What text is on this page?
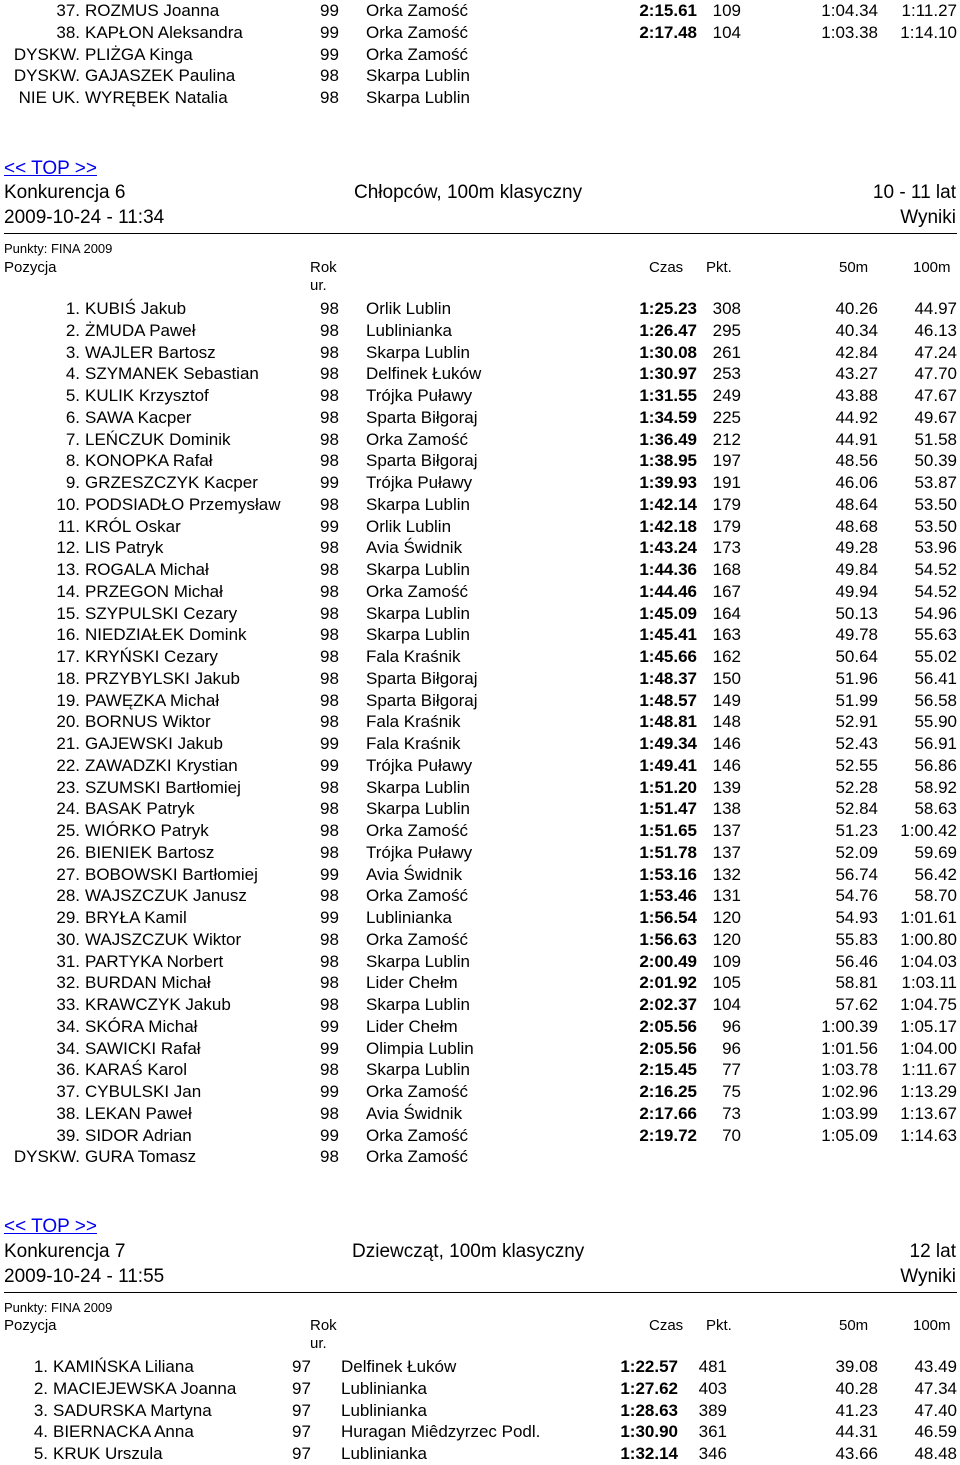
37. ROZMUS Joanna	99 Orka Zamość	2:15.61 109	1:04.34 1:11.27
38. KAPŁON Aleksandra	99 Orka Zamość	2:17.48 104	1:03.38 1:14.10
DYSKW. PLIŻGA Kinga	99 Orka Zamość
DYSKW. GAJASZEK Paulina	98 Skarpa Lublin
NIE UK. WYRĘBEK Natalia	98 Skarpa Lublin
<< TOP >>
Konkurencja 6	Chłopców, 100m klasyczny	10 - 11 lat
2009-10-24 - 11:34	Wyniki
Punkty: FINA 2009
Pozycja	Rok
ur.
Czas Pkt.	50m	100m
1. KUBIŚ Jakub	98 Orlik Lublin	1:25.23 308	40.26 44.97
2. ŻMUDA Paweł	98 Lublinianka	1:26.47 295	40.34 46.13
3. WAJLER Bartosz	98 Skarpa Lublin	1:30.08 261	42.84 47.24
4. SZYMANEK Sebastian	98 Delfinek Łuków	1:30.97 253	43.27 47.70
5. KULIK Krzysztof	98 Trójka Puławy	1:31.55 249	43.88 47.67
6. SAWA Kacper	98 Sparta Biłgoraj	1:34.59 225	44.92 49.67
7. LEŃCZUK Dominik	98 Orka Zamość	1:36.49 212	44.91 51.58
8. KONOPKA Rafał	98 Sparta Biłgoraj	1:38.95 197	48.56 50.39
9. GRZESZCZYK Kacper	99 Trójka Puławy	1:39.93 191	46.06 53.87
10. PODSIADŁO Przemysław 98 Skarpa Lublin	1:42.14 179	48.64 53.50
11. KRÓL Oskar	99 Orlik Lublin	1:42.18 179	48.68 53.50
12. LIS Patryk	98 Avia Świdnik	1:43.24 173	49.28 53.96
13. ROGALA Michał	98 Skarpa Lublin	1:44.36 168	49.84 54.52
14. PRZEGON Michał	98 Orka Zamość	1:44.46 167	49.94 54.52
15. SZYPULSKI Cezary	98 Skarpa Lublin	1:45.09 164	50.13 54.96
16. NIEDZIAŁEK Domink	98 Skarpa Lublin	1:45.41 163	49.78 55.63
17. KRYŃSKI Cezary	98 Fala Kraśnik	1:45.66 162	50.64 55.02
18. PRZYBYLSKI Jakub	98 Sparta Biłgoraj	1:48.37 150	51.96 56.41
19. PAWĘZKA Michał	98 Sparta Biłgoraj	1:48.57 149	51.99 56.58
20. BORNUS Wiktor	98 Fala Kraśnik	1:48.81 148	52.91 55.90
21. GAJEWSKI Jakub	99 Fala Kraśnik	1:49.34 146	52.43 56.91
22. ZAWADZKI Krystian	99 Trójka Puławy	1:49.41 146	52.55 56.86
23. SZUMSKI Bartłomiej	98 Skarpa Lublin	1:51.20 139	52.28 58.92
24. BASAK Patryk	98 Skarpa Lublin	1:51.47 138	52.84 58.63
25. WIÓRKO Patryk	98 Orka Zamość	1:51.65 137	51.23 1:00.42
26. BIENIEK Bartosz	98 Trójka Puławy	1:51.78 137	52.09 59.69
27. BOBOWSKI Bartłomiej	99 Avia Świdnik	1:53.16 132	56.74 56.42
28. WAJSZCZUK Janusz	98 Orka Zamość	1:53.46 131	54.76 58.70
29. BRYŁA Kamil	99 Lublinianka	1:56.54 120	54.93 1:01.61
30. WAJSZCZUK Wiktor	98 Orka Zamość	1:56.63 120	55.83 1:00.80
31. PARTYKA Norbert	98 Skarpa Lublin	2:00.49 109	56.46 1:04.03
32. BURDAN Michał	98 Lider Chełm	2:01.92 105	58.81 1:03.11
33. KRAWCZYK Jakub	98 Skarpa Lublin	2:02.37 104	57.62 1:04.75
34. SKÓRA Michał	99 Lider Chełm	2:05.56 96	1:00.39 1:05.17
34. SAWICKI Rafał	99 Olimpia Lublin	2:05.56 96	1:01.56 1:04.00
36. KARAŚ Karol	98 Skarpa Lublin	2:15.45 77	1:03.78 1:11.67
37. CYBULSKI Jan	99 Orka Zamość	2:16.25 75	1:02.96 1:13.29
38. LEKAN Paweł	98 Avia Świdnik	2:17.66 73	1:03.99 1:13.67
39. SIDOR Adrian	99 Orka Zamość	2:19.72 70	1:05.09 1:14.63
DYSKW. GURA Tomasz	98 Orka Zamość
<< TOP >>
Konkurencja 7	Dziewcząt, 100m klasyczny	12 lat
2009-10-24 - 11:55	Wyniki
Punkty: FINA 2009
Pozycja	Rok
ur.
Czas Pkt.	50m	100m
1. KAMIŃSKA Liliana	97 Delfinek Łuków	1:22.57 481	39.08 43.49
2. MACIEJEWSKA Joanna	97 Lublinianka	1:27.62 403	40.28 47.34
3. SADURSKA Martyna	97 Lublinianka	1:28.63 389	41.23 47.40
4. BIERNACKA Anna	97 Huragan Miêdzyrzec Podl.	1:30.90 361	44.31 46.59
5. KRUK Urszula	97 Lublinianka	1:32.14 346	43.66 48.48
